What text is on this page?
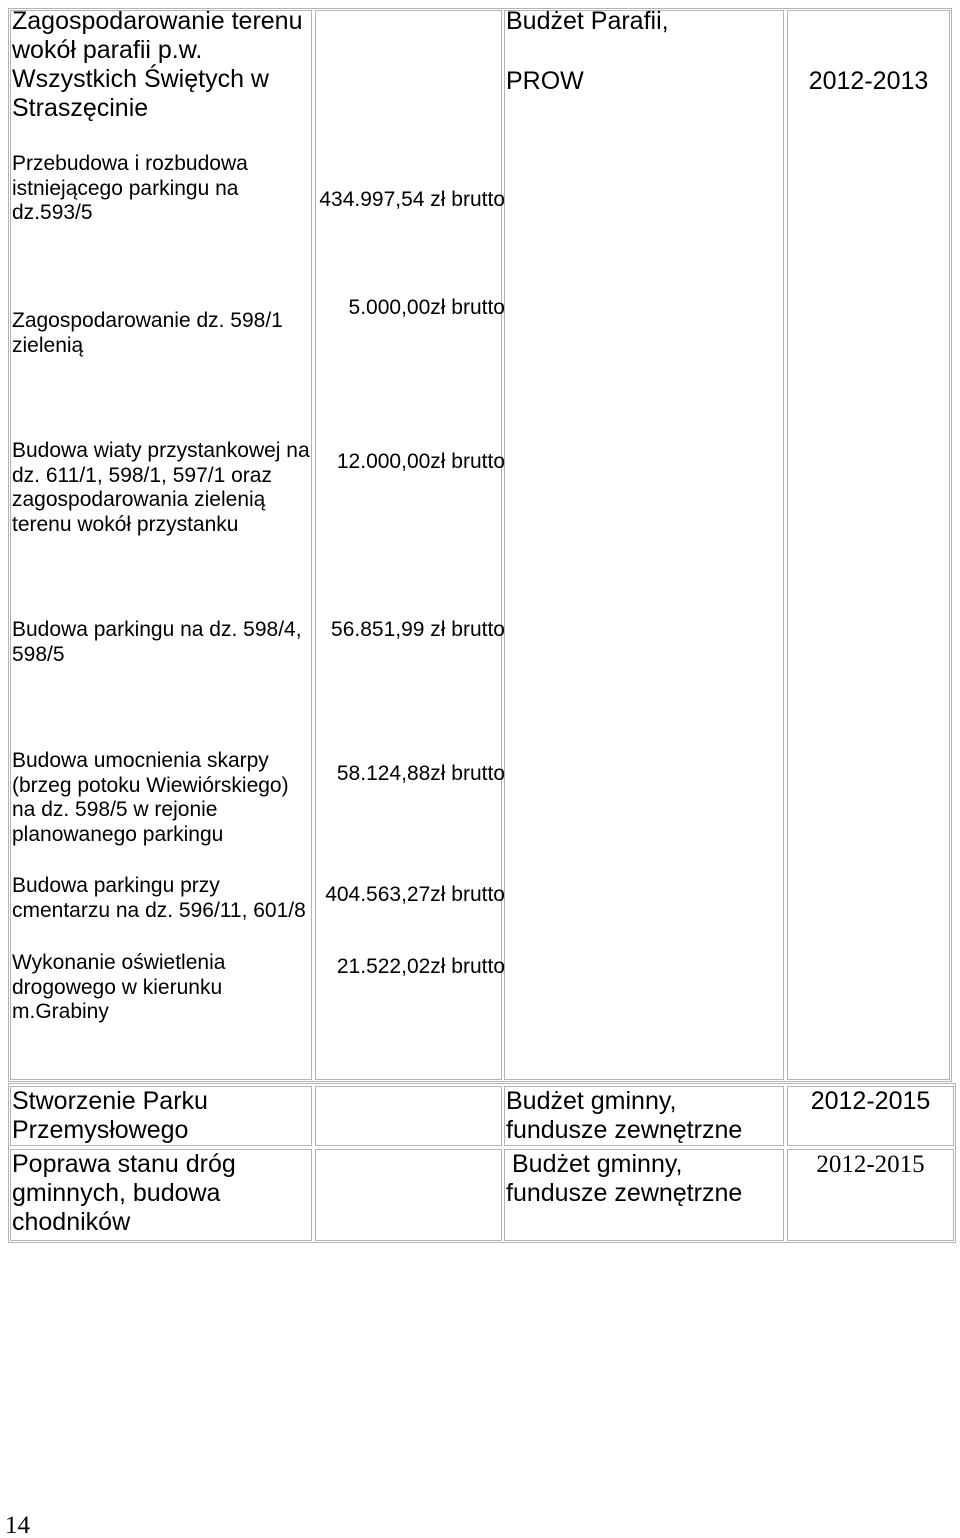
Zagospodarowanie terenu
wokół parafii p.w.
Wszystkich Świętych w
Straszęcinie
Budżet Parafii,
PROW	2012-2013
Przebudowa i rozbudowa
istniejącego parkingu na
dz.593/5
434.997,54 zł brutto
Zagospodarowanie dz. 598/1
zielenią
5.000,00zł brutto
Budowa wiaty przystankowej na
dz. 611/1, 598/1, 597/1 oraz
zagospodarowania zielenią
terenu wokół przystanku
12.000,00zł brutto
Budowa parkingu na dz. 598/4,
598/5
56.851,99 zł brutto
Budowa umocnienia skarpy
(brzeg potoku Wiewiórskiego)
na dz. 598/5 w rejonie
planowanego parkingu
58.124,88zł brutto
Budowa parkingu przy
cmentarzu na dz. 596/11, 601/8
404.563,27zł brutto
Wykonanie oświetlenia
drogowego w kierunku
m.Grabiny
21.522,02zł brutto
Stworzenie Parku
Przemysłowego
Budżet gminny,
fundusze zewnętrzne
2012-2015
Poprawa stanu dróg
gminnych, budowa
chodników
Budżet gminny,
fundusze zewnętrzne
2012-2015
14
